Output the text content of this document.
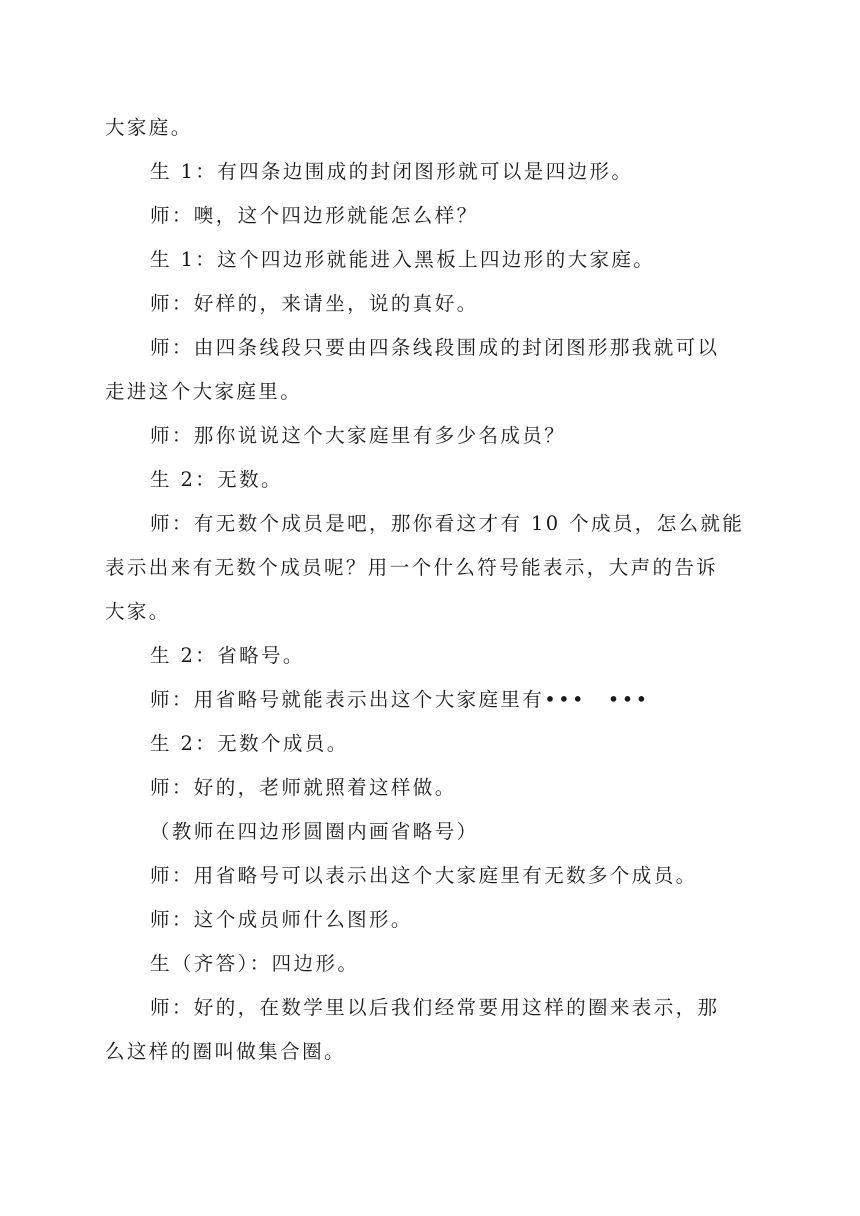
大家庭。
生 1：有四条边围成的封闭图形就可以是四边形。
师：噢，这个四边形就能怎么样？
生 1：这个四边形就能进入黑板上四边形的大家庭。
师：好样的，来请坐，说的真好。
师：由四条线段只要由四条线段围成的封闭图形那我就可以
走进这个大家庭里。
师：那你说说这个大家庭里有多少名成员？
生 2：无数。
师：有无数个成员是吧，那你看这才有 10 个成员，怎么就能
表示出来有无数个成员呢？用一个什么符号能表示，大声的告诉
大家。
生 2：省略号。
师：用省略号就能表示出这个大家庭里有•••　•••
生 2：无数个成员。
师：好的，老师就照着这样做。
（教师在四边形圆圈内画省略号）
师：用省略号可以表示出这个大家庭里有无数多个成员。
师：这个成员师什么图形。
生（齐答）：四边形。
师：好的，在数学里以后我们经常要用这样的圈来表示，那
么这样的圈叫做集合圈。
